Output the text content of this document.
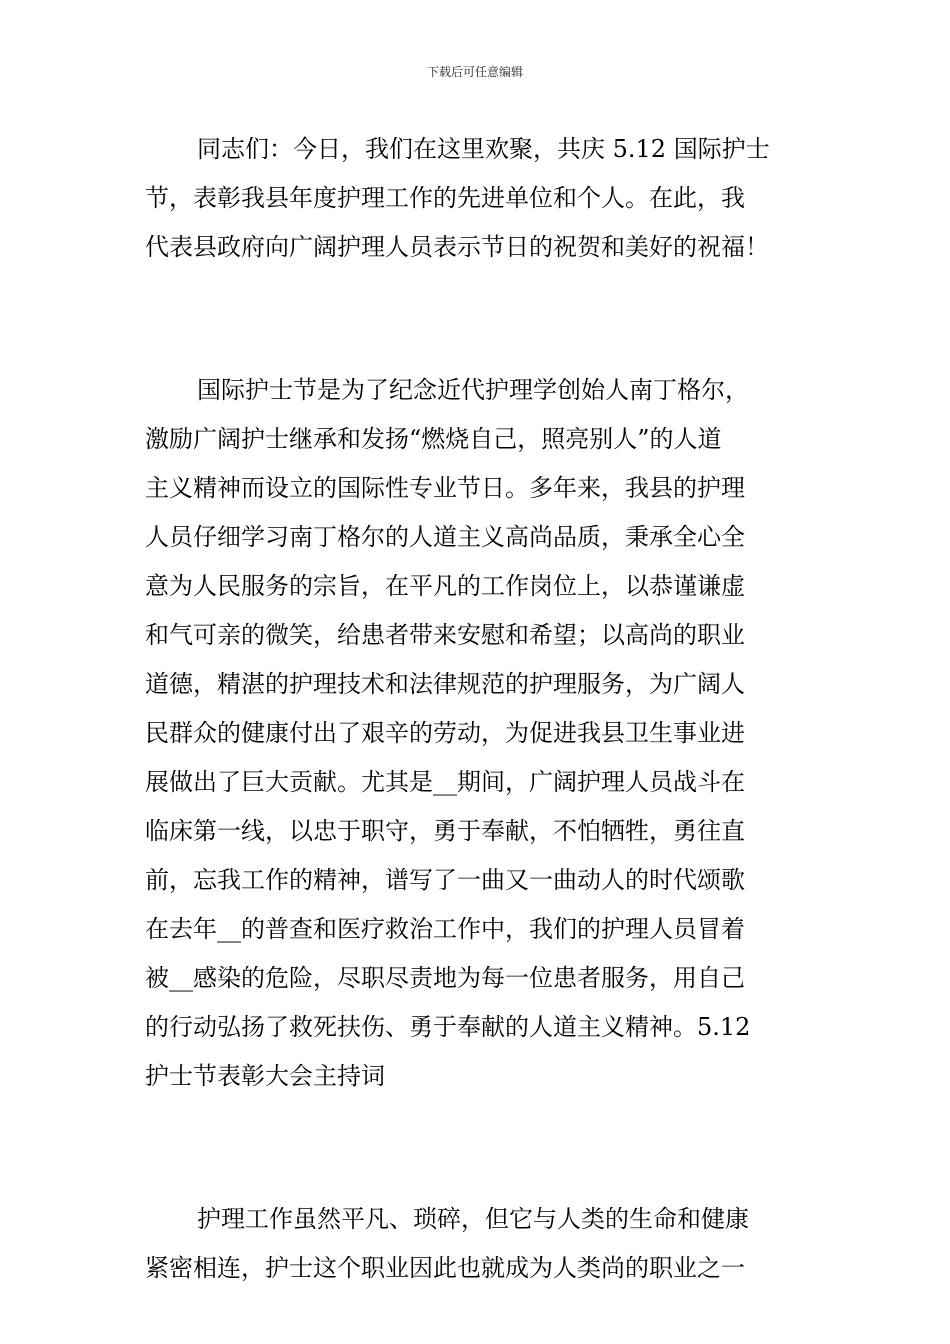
下载后可任意编辑
同志们：今日，我们在这里欢聚，共庆 5.12 国际护士
节，表彰我县年度护理工作的先进单位和个人。在此，我
代表县政府向广阔护理人员表示节日的祝贺和美好的祝福！
国际护士节是为了纪念近代护理学创始人南丁格尔，
激励广阔护士继承和发扬“燃烧自己，照亮别人”的人道
主义精神而设立的国际性专业节日。多年来，我县的护理
人员仔细学习南丁格尔的人道主义高尚品质，秉承全心全
意为人民服务的宗旨，在平凡的工作岗位上，以恭谨谦虚
和气可亲的微笑，给患者带来安慰和希望；以高尚的职业
道德，精湛的护理技术和法律规范的护理服务，为广阔人
民群众的健康付出了艰辛的劳动，为促进我县卫生事业进
展做出了巨大贡献。尤其是__期间，广阔护理人员战斗在
临床第一线，以忠于职守，勇于奉献，不怕牺牲，勇往直
前，忘我工作的精神，谱写了一曲又一曲动人的时代颂歌
在去年__的普查和医疗救治工作中，我们的护理人员冒着
被__感染的危险，尽职尽责地为每一位患者服务，用自己
的行动弘扬了救死扶伤、勇于奉献的人道主义精神。5.12
护士节表彰大会主持词
护理工作虽然平凡、琐碎，但它与人类的生命和健康
紧密相连，护士这个职业因此也就成为人类尚的职业之一
